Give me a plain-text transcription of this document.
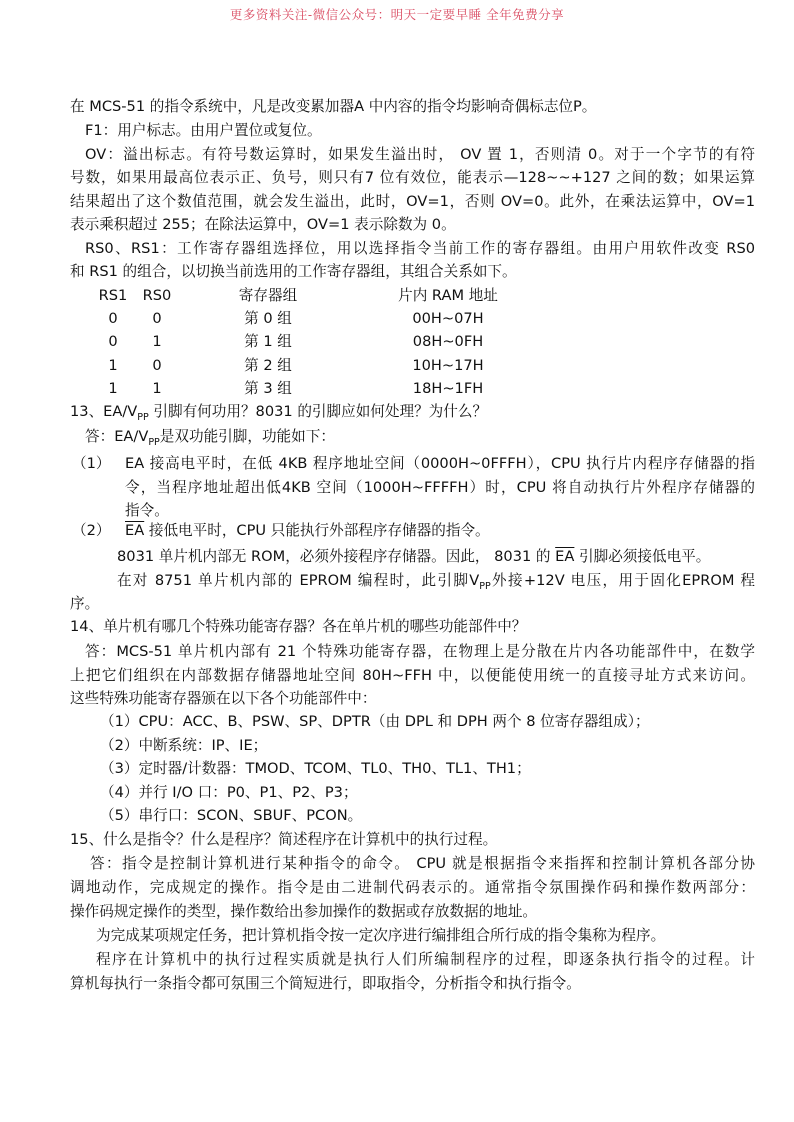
更多资料关注-微信公众号：明天一定要早睡 全年免费分享
在 MCS-51 的指令系统中，凡是改变累加器A 中内容的指令均影响奇偶标志位P。
F1：用户标志。由用户置位或复位。
OV：溢出标志。有符号数运算时，如果发生溢出时， OV 置 1，否则清 0。对于一个字节的有符
号数，如果用最高位表示正、负号，则只有7 位有效位，能表示—128~~+127 之间的数；如果运算
结果超出了这个数值范围，就会发生溢出，此时，OV=1，否则 OV=0。此外，在乘法运算中，OV=1
表示乘积超过 255；在除法运算中，OV=1 表示除数为 0。
RS0、RS1：工作寄存器组选择位，用以选择指令当前工作的寄存器组。由用户用软件改变 RS0
和 RS1 的组合，以切换当前选用的工作寄存器组，其组合关系如下。
13、$EA/V_{PP}$ 引脚有何功用？8031 的引脚应如何处理？为什么？
答：$EA/V_{PP}$是双功能引脚，功能如下：
（1） EA 接高电平时，在低 4KB 程序地址空间（0000H~0FFFH），CPU 执行片内程序存储器的指
令，当程序地址超出低4KB 空间（1000H~FFFFH）时，CPU 将自动执行片外程序存储器的
指令。
（2） $\overline{EA}$ 接低电平时，CPU 只能执行外部程序存储器的指令。
8031 单片机内部无 ROM，必须外接程序存储器。因此， 8031 的 $\overline{EA}$ 引脚必须接低电平。
在对 8751 单片机内部的 EPROM 编程时，此引脚$V_{PP}$外接+12V 电压，用于固化EPROM 程
序。
14、单片机有哪几个特殊功能寄存器？各在单片机的哪些功能部件中？
答：MCS-51 单片机内部有 21 个特殊功能寄存器，在物理上是分散在片内各功能部件中，在数学
上把它们组织在内部数据存储器地址空间 80H~FFH 中，以便能使用统一的直接寻址方式来访问。
这些特殊功能寄存器颁在以下各个功能部件中：
（1）CPU：ACC、B、PSW、SP、DPTR（由 DPL 和 DPH 两个 8 位寄存器组成）；
（2）中断系统：IP、IE；
（3）定时器/计数器：TMOD、TCOM、TL0、TH0、TL1、TH1；
（4）并行 I/O 口：P0、P1、P2、P3；
（5）串行口：SCON、SBUF、PCON。
15、什么是指令？什么是程序？简述程序在计算机中的执行过程。
答：指令是控制计算机进行某种指令的命令。 CPU 就是根据指令来指挥和控制计算机各部分协
调地动作，完成规定的操作。指令是由二进制代码表示的。通常指令氛围操作码和操作数两部分：
操作码规定操作的类型，操作数给出参加操作的数据或存放数据的地址。
为完成某项规定任务，把计算机指令按一定次序进行编排组合所行成的指令集称为程序。
程序在计算机中的执行过程实质就是执行人们所编制程序的过程，即逐条执行指令的过程。计
算机每执行一条指令都可氛围三个简短进行，即取指令，分析指令和执行指令。
RS1 RS0	寄存器组	片内 RAM 地址
0 0	第 0 组	00H~07H
0 1	第 1 组	08H~0FH
1 0	第 2 组	10H~17H
1 1	第 3 组	18H~1FH
